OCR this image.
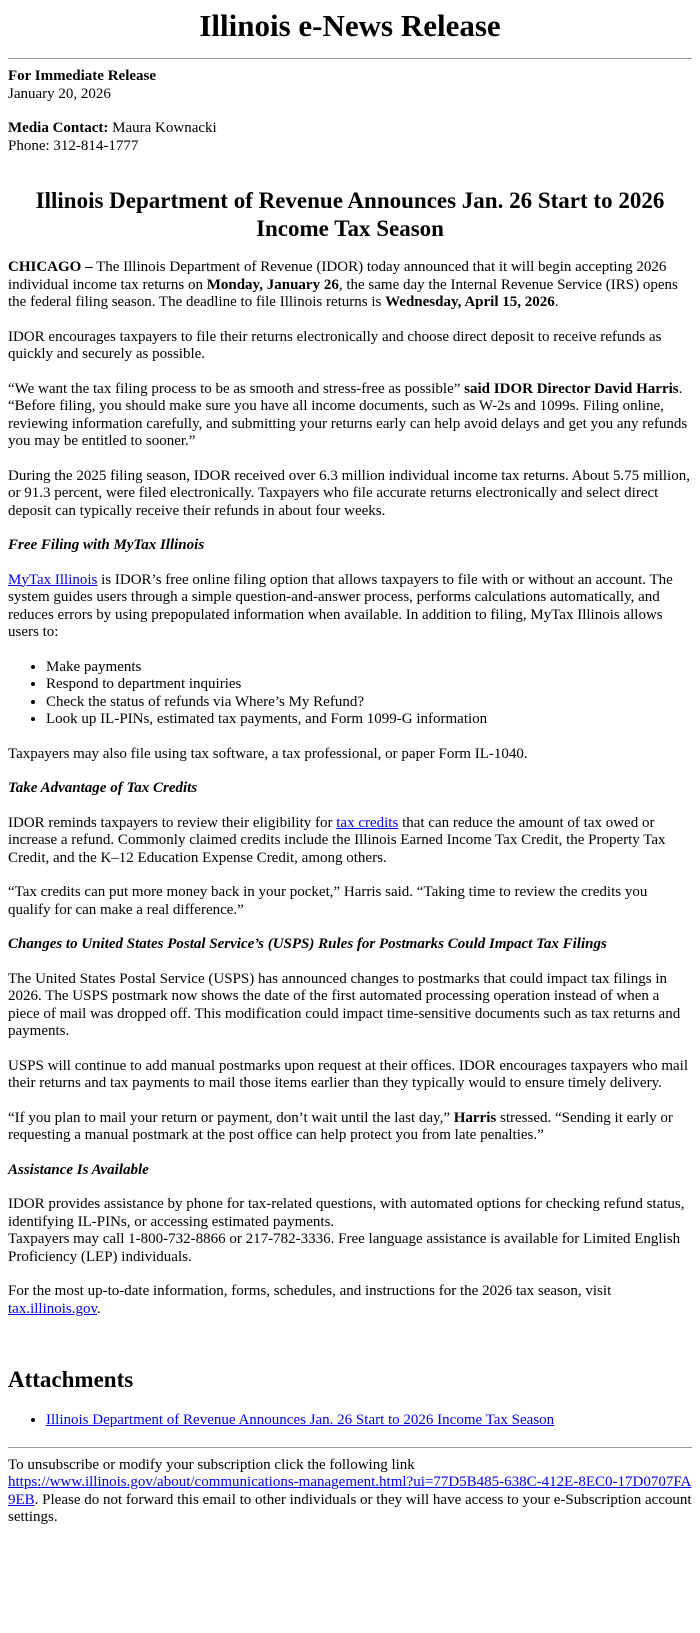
Illinois e-News Release

For Immediate Release
January 20, 2026

Media Contact: Maura Kownacki
Phone: 312-814-1777

Illinois Department of Revenue Announces Jan. 26 Start to 2026 Income Tax Season

CHICAGO – The Illinois Department of Revenue (IDOR) today announced that it will begin accepting 2026 individual income tax returns on Monday, January 26, the same day the Internal Revenue Service (IRS) opens the federal filing season. The deadline to file Illinois returns is Wednesday, April 15, 2026.

IDOR encourages taxpayers to file their returns electronically and choose direct deposit to receive refunds as quickly and securely as possible.

“We want the tax filing process to be as smooth and stress-free as possible” said IDOR Director David Harris. “Before filing, you should make sure you have all income documents, such as W-2s and 1099s. Filing online, reviewing information carefully, and submitting your returns early can help avoid delays and get you any refunds you may be entitled to sooner.”

During the 2025 filing season, IDOR received over 6.3 million individual income tax returns. About 5.75 million, or 91.3 percent, were filed electronically. Taxpayers who file accurate returns electronically and select direct deposit can typically receive their refunds in about four weeks.

Free Filing with MyTax Illinois

MyTax Illinois is IDOR’s free online filing option that allows taxpayers to file with or without an account. The system guides users through a simple question-and-answer process, performs calculations automatically, and reduces errors by using prepopulated information when available. In addition to filing, MyTax Illinois allows users to:

• Make payments
• Respond to department inquiries
• Check the status of refunds via Where’s My Refund?
• Look up IL-PINs, estimated tax payments, and Form 1099-G information

Taxpayers may also file using tax software, a tax professional, or paper Form IL-1040.

Take Advantage of Tax Credits

IDOR reminds taxpayers to review their eligibility for tax credits that can reduce the amount of tax owed or increase a refund. Commonly claimed credits include the Illinois Earned Income Tax Credit, the Property Tax Credit, and the K–12 Education Expense Credit, among others.

“Tax credits can put more money back in your pocket,” Harris said. “Taking time to review the credits you qualify for can make a real difference.”

Changes to United States Postal Service’s (USPS) Rules for Postmarks Could Impact Tax Filings

The United States Postal Service (USPS) has announced changes to postmarks that could impact tax filings in 2026. The USPS postmark now shows the date of the first automated processing operation instead of when a piece of mail was dropped off. This modification could impact time-sensitive documents such as tax returns and payments.

USPS will continue to add manual postmarks upon request at their offices. IDOR encourages taxpayers who mail their returns and tax payments to mail those items earlier than they typically would to ensure timely delivery.

“If you plan to mail your return or payment, don’t wait until the last day,” Harris stressed. “Sending it early or requesting a manual postmark at the post office can help protect you from late penalties.”

Assistance Is Available

IDOR provides assistance by phone for tax-related questions, with automated options for checking refund status, identifying IL-PINs, or accessing estimated payments.
Taxpayers may call 1-800-732-8866 or 217-782-3336. Free language assistance is available for Limited English Proficiency (LEP) individuals.

For the most up-to-date information, forms, schedules, and instructions for the 2026 tax season, visit tax.illinois.gov.

Attachments
• Illinois Department of Revenue Announces Jan. 26 Start to 2026 Income Tax Season

To unsubscribe or modify your subscription click the following link
https://www.illinois.gov/about/communications-management.html?ui=77D5B485-638C-412E-8EC0-17D0707FA9EB. Please do not forward this email to other individuals or they will have access to your e-Subscription account settings.
